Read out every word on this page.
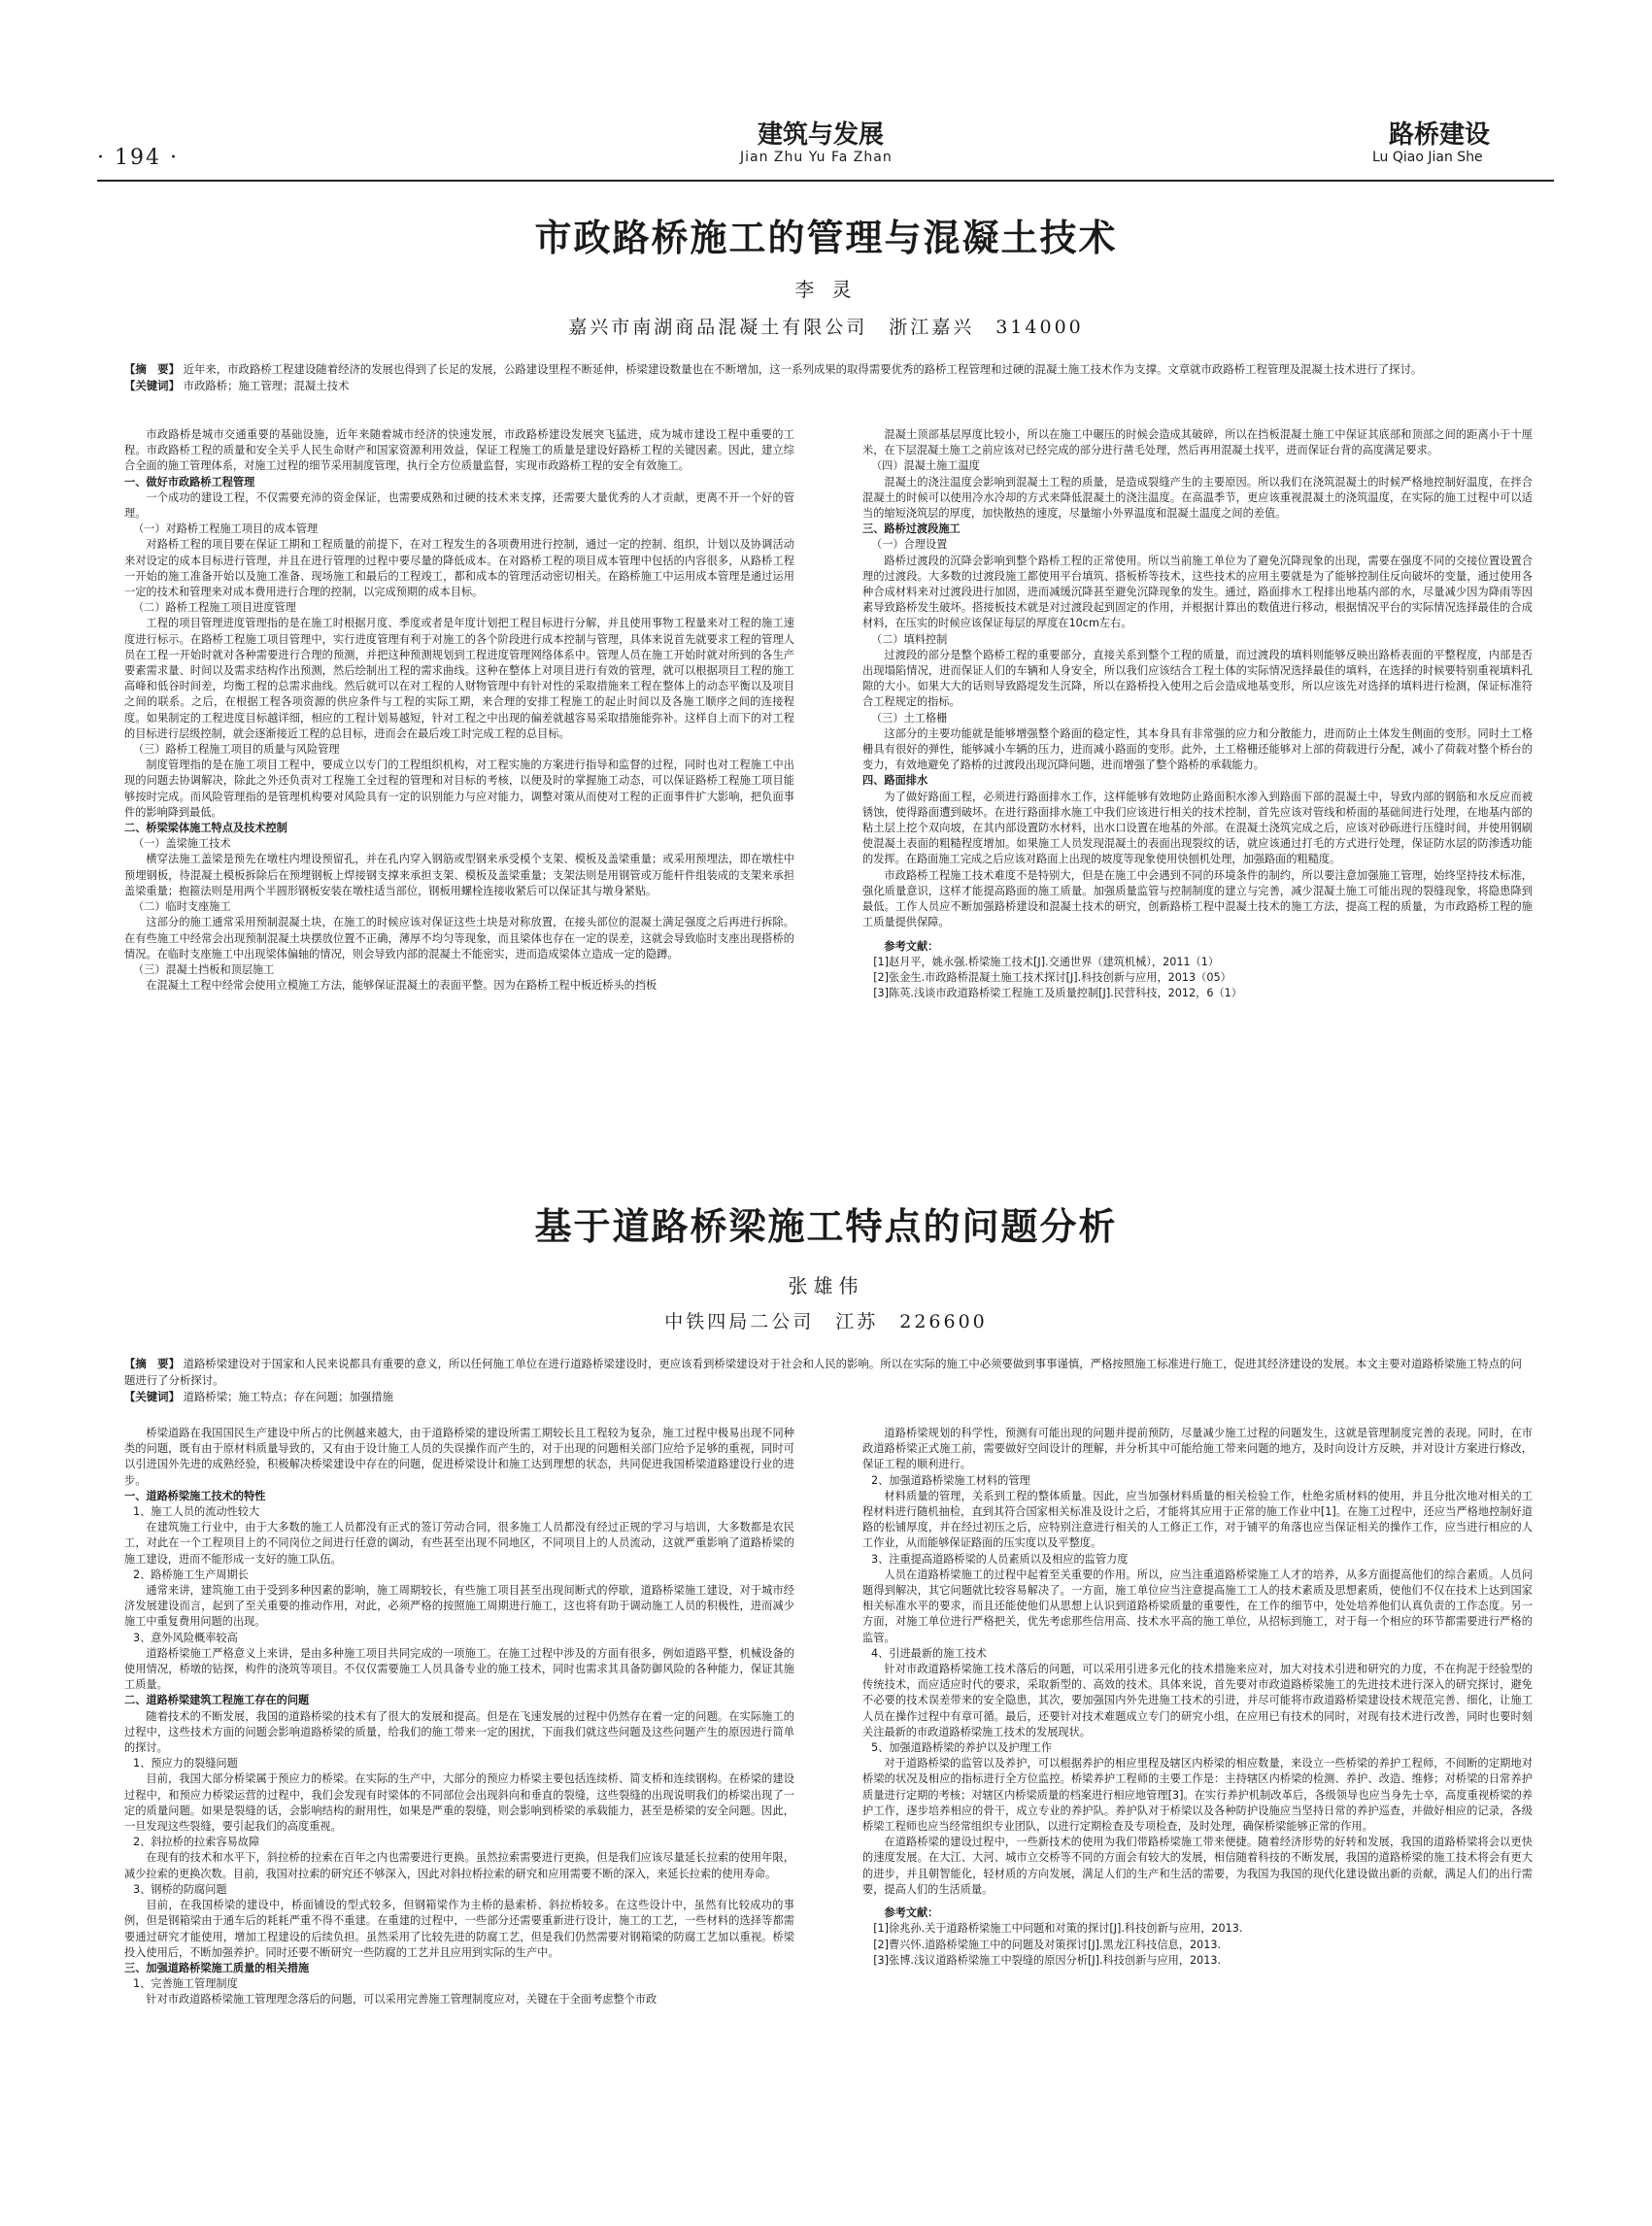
· 194 ·
建筑与发展
Jian Zhu Yu Fa Zhan
路桥建设
Lu Qiao Jian She
市政路桥施工的管理与混凝土技术
李 灵
嘉兴市南湖商品混凝土有限公司　浙江嘉兴　314000
【摘　要】 近年来，市政路桥工程建设随着经济的发展也得到了长足的发展，公路建设里程不断延伸，桥梁建设数量也在不断增加，这一系列成果的取得需要优秀的路桥工程管理和过硬的混凝土施工技术作为支撑。文章就市政路桥工程管理及混凝土技术进行了探讨。
【关键词】 市政路桥；施工管理；混凝土技术

市政路桥是城市交通重要的基础设施，近年来随着城市经济的快速发展，市政路桥建设发展突飞猛进，成为城市建设工程中重要的工程。市政路桥工程的质量和安全关乎人民生命财产和国家资源利用效益，保证工程施工的质量是建设好路桥工程的关键因素。因此，建立综合全面的施工管理体系，对施工过程的细节采用制度管理，执行全方位质量监督，实现市政路桥工程的安全有效施工。

一、做好市政路桥工程管理

一个成功的建设工程，不仅需要充沛的资金保证，也需要成熟和过硬的技术来支撑，还需要大量优秀的人才贡献，更离不开一个好的管理。

（一）对路桥工程施工项目的成本管理

对路桥工程的项目要在保证工期和工程质量的前提下，在对工程发生的各项费用进行控制，通过一定的控制、组织，计划以及协调活动来对设定的成本目标进行管理，并且在进行管理的过程中要尽量的降低成本。在对路桥工程的项目成本管理中包括的内容很多，从路桥工程一开始的施工准备开始以及施工准备、现场施工和最后的工程竣工，都和成本的管理活动密切相关。在路桥施工中运用成本管理是通过运用一定的技术和管理来对成本费用进行合理的控制，以完成预期的成本目标。

（二）路桥工程施工项目进度管理

工程的项目管理进度管理指的是在施工时根据月度、季度或者是年度计划把工程目标进行分解，并且使用事物工程量来对工程的施工速度进行标示。在路桥工程施工项目管理中，实行进度管理有利于对施工的各个阶段进行成本控制与管理，具体来说首先就要求工程的管理人员在工程一开始时就对各种需要进行合理的预测，并把这种预测规划到工程进度管理网络体系中。管理人员在施工开始时就对所到的各生产要素需求量、时间以及需求结构作出预测，然后绘制出工程的需求曲线。这种在整体上对项目进行有效的管理，就可以根据项目工程的施工高峰和低谷时间差，均衡工程的总需求曲线。然后就可以在对工程的人财物管理中有针对性的采取措施来工程在整体上的动态平衡以及项目之间的联系。之后，在根据工程各项资源的供应条件与工程的实际工期，来合理的安排工程施工的起止时间以及各施工顺序之间的连接程度。如果制定的工程进度目标越详细，相应的工程计划易越短，针对工程之中出现的偏差就越容易采取措施能弥补。这样自上而下的对工程的目标进行层级控制，就会逐渐接近工程的总目标，进而会在最后竣工时完成工程的总目标。

（三）路桥工程施工项目的质量与风险管理

制度管理指的是在施工项目工程中，要成立以专门的工程组织机构，对工程实施的方案进行指导和监督的过程，同时也对工程施工中出现的问题去协调解决，除此之外还负责对工程施工全过程的管理和对目标的考核，以便及时的掌握施工动态，可以保证路桥工程施工项目能够按时完成。而风险管理指的是管理机构要对风险具有一定的识别能力与应对能力，调整对策从而使对工程的正面事件扩大影响，把负面事件的影响降到最低。

二、桥梁梁体施工特点及技术控制

（一）盖梁施工技术

横穿法施工盖梁是预先在墩柱内埋设预留孔，并在孔内穿入钢筋或型钢来承受模个支架、模板及盖梁重量；或采用预埋法，即在墩柱中预埋钢板，待混凝土模板拆除后在预埋钢板上焊接钢支撑来承担支架、模板及盖梁重量；支架法则是用钢管或万能杆件组装成的支架来承担盖梁重量；抱箍法则是用两个半圆形钢板安装在墩柱适当部位，钢板用螺栓连接收紧后可以保证其与墩身紧贴。

（二）临时支座施工

这部分的施工通常采用预制混凝土块，在施工的时候应该对保证这些土块是对称放置，在接头部位的混凝土满足强度之后再进行拆除。在有些施工中经常会出现预制混凝土块摆放位置不正确，薄厚不均匀等现象，而且梁体也存在一定的误差，这就会导致临时支座出现搭桥的情况。在临时支座施工中出现梁体偏轴的情况，则会导致内部的混凝土不能密实，进而造成梁体立造成一定的隐蹲。

（三）混凝土挡板和顶层施工

在混凝土工程中经常会使用立模施工方法，能够保证混凝土的表面平整。因为在路桥工程中板近桥头的挡板

混凝土顶部基层厚度比较小，所以在施工中碾压的时候会造成其破碎，所以在挡板混凝土施工中保证其底部和顶部之间的距离小于十厘米，在下层混凝土施工之前应该对已经完成的部分进行凿毛处理，然后再用混凝土找平，进而保证台背的高度满足要求。

（四）混凝土施工温度

混凝土的浇注温度会影响到混凝土工程的质量，是造成裂缝产生的主要原因。所以我们在浇筑混凝土的时候严格地控制好温度，在拌合混凝土的时候可以使用冷水冷却的方式来降低混凝土的浇注温度。在高温季节，更应该重视混凝土的浇筑温度，在实际的施工过程中可以适当的缩短浇筑层的厚度，加快散热的速度，尽量缩小外界温度和混凝土温度之间的差值。

三、路桥过渡段施工

（一）合理设置

路桥过渡段的沉降会影响到整个路桥工程的正常使用。所以当前施工单位为了避免沉降现象的出现，需要在强度不同的交接位置设置合理的过渡段。大多数的过渡段施工都使用平台填筑、搭板桥等技术，这些技术的应用主要就是为了能够控制住反向破坏的变量，通过使用各种合成材料来对过渡段进行加固，进而减缓沉降甚至避免沉降现象的发生。通过，路面排水工程排出地基内部的水，尽量减少因为降雨等因素导致路桥发生破坏。搭接板技术就是对过渡段起到固定的作用，并根据计算出的数值进行移动，根据情况平台的实际情况选择最佳的合成材料，在压实的时候应该保证每层的厚度在10cm左右。

（二）填料控制

过渡段的部分是整个路桥工程的重要部分，直接关系到整个工程的质量，而过渡段的填料则能够反映出路桥表面的平整程度，内部是否出现塌陷情况，进而保证人们的车辆和人身安全，所以我们应该结合工程土体的实际情况选择最佳的填料，在选择的时候要特别重视填料孔隙的大小。如果大大的话则导致路堤发生沉降，所以在路桥投入使用之后会造成地基变形，所以应该先对选择的填料进行检测，保证标准符合工程规定的指标。

（三）土工格栅

这部分的主要功能就是能够增强整个路面的稳定性，其本身具有非常强的应力和分散能力，进而防止土体发生侧面的变形。同时土工格栅具有很好的弹性，能够减小车辆的压力，进而减小路面的变形。此外，土工格栅还能够对上部的荷载进行分配，减小了荷载对整个桥台的变力，有效地避免了路桥的过渡段出现沉降问题，进而增强了整个路桥的承载能力。

四、路面排水

为了做好路面工程，必须进行路面排水工作，这样能够有效地防止路面积水渗入到路面下部的混凝土中，导致内部的钢筋和水反应而被锈蚀，使得路面遭到破坏。在进行路面排水施工中我们应该进行相关的技术控制，首先应该对管线和桥面的基础间进行处理，在地基内部的粘土层上挖个双向坡，在其内部设置防水材料，出水口设置在地基的外部。在混凝土浇筑完成之后，应该对砂砾进行压缝时间，并使用钢刷使混凝土表面的粗糙程度增加。如果施工人员发现混凝土的表面出现裂纹的话，就应该通过打毛的方式进行处理，保证防水层的防渗透功能的发挥。在路面施工完成之后应该对路面上出现的坡度等现象使用快刨机处理，加强路面的粗糙度。

市政路桥工程施工技术难度不是特别大，但是在施工中会遇到不同的环境条件的制约，所以要注意加强施工管理，始终坚持技术标准，强化质量意识，这样才能提高路面的施工质量。加强质量监管与控制制度的建立与完善，减少混凝土施工可能出现的裂缝现象，将隐患降到最低。工作人员应不断加强路桥建设和混凝土技术的研究，创新路桥工程中混凝土技术的施工方法，提高工程的质量，为市政路桥工程的施工质量提供保障。

参考文献：

[1]赵月平，姚永强.桥梁施工技术[J].交通世界（建筑机械），2011（1）

[2]张金生.市政路桥混凝土施工技术探讨[J].科技创新与应用，2013（05）

[3]陈英.浅谈市政道路桥梁工程施工及质量控制[J].民营科技，2012，6（1）

基于道路桥梁施工特点的问题分析
张雄伟
中铁四局二公司　江苏　226600
【摘　要】 道路桥梁建设对于国家和人民来说都具有重要的意义，所以任何施工单位在进行道路桥梁建设时，更应该看到桥梁建设对于社会和人民的影响。所以在实际的施工中必须要做到事事谨慎，严格按照施工标准进行施工，促进其经济建设的发展。本文主要对道路桥梁施工特点的问题进行了分析探讨。
【关键词】 道路桥梁；施工特点；存在问题；加强措施

桥梁道路在我国国民生产建设中所占的比例越来越大，由于道路桥梁的建设所需工期较长且工程较为复杂，施工过程中极易出现不同种类的问题，既有由于原材料质量导致的，又有由于设计施工人员的失误操作而产生的，对于出现的问题相关部门应给予足够的重视，同时可以引进国外先进的成熟经验，积极解决桥梁建设中存在的问题，促进桥梁设计和施工达到理想的状态，共同促进我国桥梁道路建设行业的进步。

一、道路桥梁施工技术的特性

1、施工人员的流动性较大

在建筑施工行业中，由于大多数的施工人员都没有正式的签订劳动合同，很多施工人员都没有经过正规的学习与培训，大多数都是农民工，对此在一个工程项目上的不同岗位之间进行任意的调动，有些甚至出现不同地区，不同项目上的人员流动，这就严重影响了道路桥梁的施工建设，进而不能形成一支好的施工队伍。

2、路桥施工生产周期长

通常来讲，建筑施工由于受到多种因素的影响，施工周期较长，有些施工项目甚至出现间断式的停歇，道路桥梁施工建设，对于城市经济发展建设而言，起到了至关重要的推动作用，对此，必须严格的按照施工周期进行施工，这也将有助于调动施工人员的积极性，进而减少施工中重复费用问题的出现。

3、意外风险概率较高

道路桥梁施工严格意义上来讲，是由多种施工项目共同完成的一项施工。在施工过程中涉及的方面有很多，例如道路平整，机械设备的使用情况，桥墩的钻探，构件的浇筑等项目。不仅仅需要施工人员具备专业的施工技术，同时也需求其具备防御风险的各种能力，保证其施工质量。

二、道路桥梁建筑工程施工存在的问题

随着技术的不断发展，我国的道路桥梁的技术有了很大的发展和提高。但是在飞速发展的过程中仍然存在着一定的问题。在实际施工的过程中，这些技术方面的问题会影响道路桥梁的质量，给我们的施工带来一定的困扰，下面我们就这些问题及这些问题产生的原因进行简单的探讨。

1、预应力的裂缝问题

目前，我国大部分桥梁属于预应力的桥梁。在实际的生产中，大部分的预应力桥梁主要包括连续桥、简支桥和连续钢构。在桥梁的建设过程中，和预应力桥梁运营的过程中，我们会发现有时梁体的不同部位会出现斜向和垂直的裂缝，这些裂缝的出现说明我们的桥梁出现了一定的质量问题。如果是裂缝的话，会影响结构的耐用性，如果是严重的裂缝，则会影响到桥梁的承载能力，甚至是桥梁的安全问题。因此，一旦发现这些裂缝，要引起我们的高度重视。

2、斜拉桥的拉索容易故障

在现有的技术和水平下，斜拉桥的拉索在百年之内也需要进行更换。虽然拉索需要进行更换，但是我们应该尽量延长拉索的使用年限，减少拉索的更换次数。目前，我国对拉索的研究还不够深入，因此对斜拉桥拉索的研究和应用需要不断的深入，来延长拉索的使用寿命。

3、钢桥的防腐问题

目前，在我国桥梁的建设中，桥面铺设的型式较多，但钢箱梁作为主桥的悬索桥、斜拉桥较多。在这些设计中，虽然有比较成功的事例，但是钢箱梁由于通车后的耗耗严重不得不重建。在重建的过程中，一些部分还需要重新进行设计，施工的工艺，一些材料的选择等都需要通过研究才能使用，增加工程建设的后续负担。虽然采用了比较先进的防腐工艺，但是我们仍然需要对钢箱梁的防腐工艺加以重视。桥梁投入使用后，不断加强养护。同时还要不断研究一些防腐的工艺并且应用到实际的生产中。

三、加强道路桥梁施工质量的相关措施

1、完善施工管理制度

针对市政道路桥梁施工管理理念落后的问题，可以采用完善施工管理制度应对，关键在于全面考虑整个市政

道路桥梁规划的科学性，预测有可能出现的问题并提前预防，尽量减少施工过程的问题发生，这就是管理制度完善的表现。同时，在市政道路桥梁正式施工前，需要做好空间设计的理解，并分析其中可能给施工带来问题的地方，及时向设计方反映，并对设计方案进行修改，保证工程的顺利进行。

2、加强道路桥梁施工材料的管理

材料质量的管理，关系到工程的整体质量。因此，应当加强材料质量的相关检验工作，杜绝劣质材料的使用，并且分批次地对相关的工程材料进行随机抽检，直到其符合国家相关标准及设计之后，才能将其应用于正常的施工作业中[1]。在施工过程中，还应当严格地控制好道路的松铺厚度，并在经过初压之后，应特别注意进行相关的人工修正工作，对于铺平的角落也应当保证相关的操作工作，应当进行相应的人工作业，从而能够保证路面的压实度以及平整度。

3、注重提高道路桥梁的人员素质以及相应的监管力度

人员在道路桥梁施工的过程中起着至关重要的作用。所以，应当注重道路桥梁施工人才的培养，从多方面提高他们的综合素质。人员问题得到解决，其它问题就比较容易解决了。一方面，施工单位应当注意提高施工工人的技术素质及思想素质，使他们不仅在技术上达到国家相关标准水平的要求，而且还能使他们从思想上认识到道路桥梁质量的重要性，在工作的细节中，处处培养他们认真负责的工作态度。另一方面，对施工单位进行严格把关，优先考虑那些信用高、技术水平高的施工单位，从招标到施工，对于每一个相应的环节都需要进行严格的监管。

4、引进最新的施工技术

针对市政道路桥梁施工技术落后的问题，可以采用引进多元化的技术措施来应对，加大对技术引进和研究的力度，不在拘泥于经验型的传统技术，而应适应时代的要求，采取新型的、高效的技术。具体来说，首先要对市政道路桥梁施工的先进技术进行深入的研究探讨，避免不必要的技术误差带来的安全隐患，其次，要加强国内外先进施工技术的引进，并尽可能将市政道路桥梁建设技术规范完善、细化，让施工人员在操作过程中有章可循。最后，还要针对技术难题成立专门的研究小组，在应用已有技术的同时，对现有技术进行改善，同时也要时刻关注最新的市政道路桥梁施工技术的发展现状。

5、加强道路桥梁的养护以及护理工作

对于道路桥梁的监管以及养护，可以根据养护的相应里程及辖区内桥梁的相应数量，来设立一些桥梁的养护工程师，不间断的定期地对桥梁的状况及相应的指标进行全方位监控。桥梁养护工程师的主要工作是：主持辖区内桥梁的检测、养护、改造、维修；对桥梁的日常养护质量进行定期的考核；对辖区内桥梁质量的档案进行相应地管理[3]。在实行养护机制改革后，各级领导也应当身先士卒，高度重视桥梁的养护工作，逐步培养相应的骨干，成立专业的养护队。养护队对于桥梁以及各种防护设施应当坚持日常的养护巡查，并做好相应的记录，各级桥梁工程师也应当经常组织专业团队，以进行定期检查及专项检查，及时处理，确保桥梁能够正常的作用。

在道路桥梁的建设过程中，一些新技术的使用为我们带路桥梁施工带来便捷。随着经济形势的好转和发展，我国的道路桥梁将会以更快的速度发展。在大江、大河、城市立交桥等不同的方面会有较大的发展，相信随着科技的不断发展，我国的道路桥梁的施工技术将会有更大的进步，并且朝智能化，轻材质的方向发展，满足人们的生产和生活的需要，为我国为我国的现代化建设做出新的贡献，满足人们的出行需要，提高人们的生活质量。

参考文献：

[1]徐兆孙.关于道路桥梁施工中问题和对策的探讨[J].科技创新与应用，2013.

[2]曹兴怀.道路桥梁施工中的问题及对策探讨[J].黑龙江科技信息，2013.

[3]张博.浅议道路桥梁施工中裂缝的原因分析[J].科技创新与应用，2013.
